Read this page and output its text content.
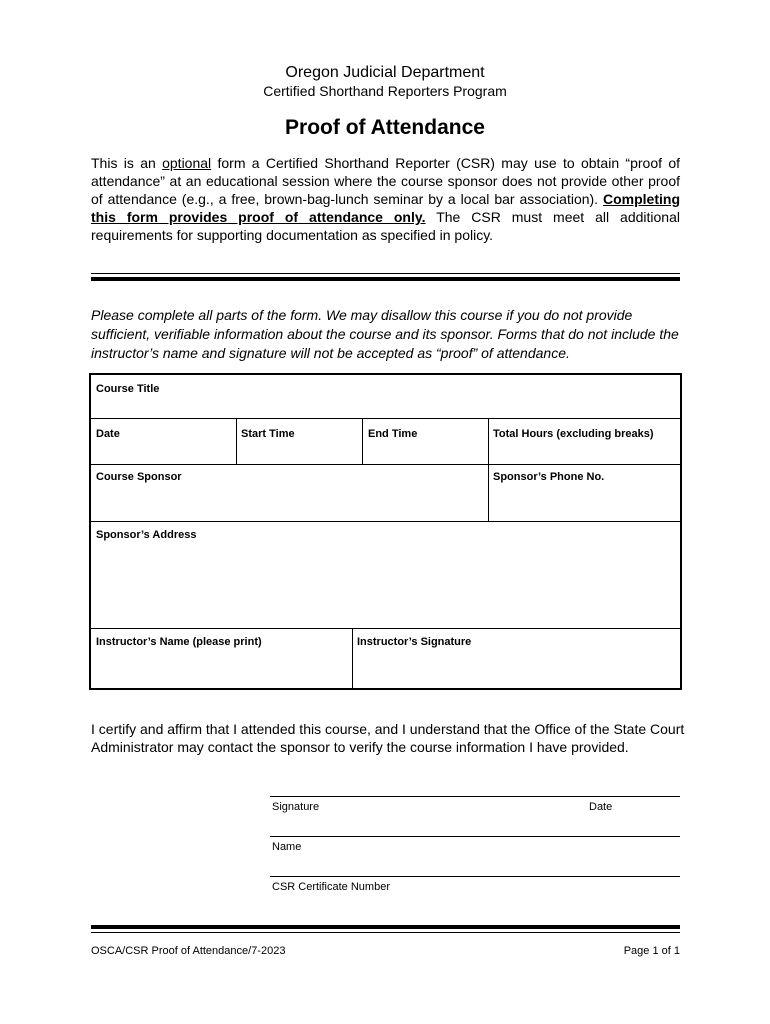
Oregon Judicial Department
Certified Shorthand Reporters Program
Proof of Attendance
This is an optional form a Certified Shorthand Reporter (CSR) may use to obtain “proof of attendance” at an educational session where the course sponsor does not provide other proof of attendance (e.g., a free, brown-bag-lunch seminar by a local bar association). Completing this form provides proof of attendance only. The CSR must meet all additional requirements for supporting documentation as specified in policy.
Please complete all parts of the form. We may disallow this course if you do not provide sufficient, verifiable information about the course and its sponsor. Forms that do not include the instructor’s name and signature will not be accepted as “proof” of attendance.
Course Title
Date	Start Time	End Time	Total Hours (excluding breaks)
Course Sponsor	Sponsor’s Phone No.
Sponsor’s Address
Instructor’s Name (please print)	Instructor’s Signature
I certify and affirm that I attended this course, and I understand that the Office of the State Court Administrator may contact the sponsor to verify the course information I have provided.
Signature	Date
Name
CSR Certificate Number
OSCA/CSR Proof of Attendance/7-2023	Page 1 of 1
